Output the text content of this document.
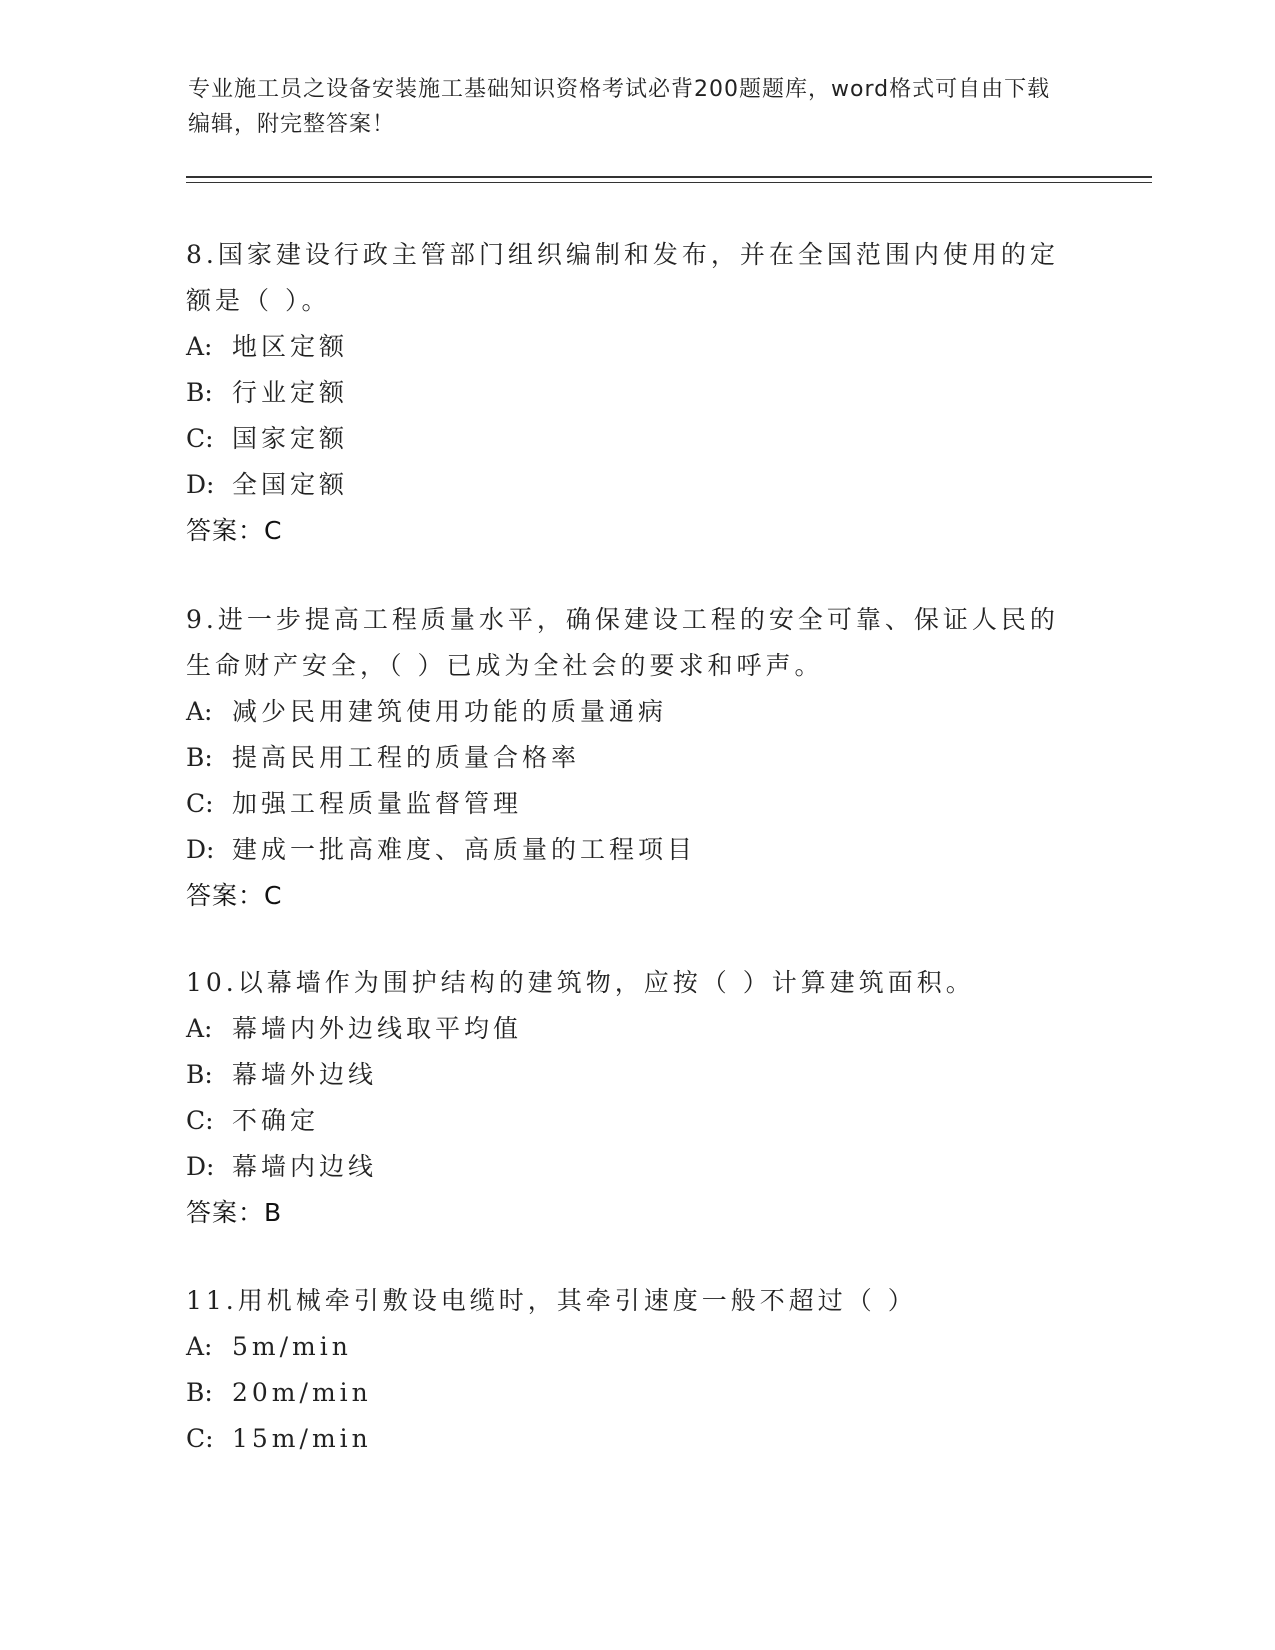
专业施工员之设备安装施工基础知识资格考试必背200题题库，word格式可自由下载编辑，附完整答案！

8.国家建设行政主管部门组织编制和发布，并在全国范围内使用的定额是（ ）。

A: 地区定额

B: 行业定额

C: 国家定额

D: 全国定额

答案：C

9.进一步提高工程质量水平，确保建设工程的安全可靠、保证人民的生命财产安全，（ ）已成为全社会的要求和呼声。

A: 减少民用建筑使用功能的质量通病

B: 提高民用工程的质量合格率

C: 加强工程质量监督管理

D: 建成一批高难度、高质量的工程项目

答案：C

10.以幕墙作为围护结构的建筑物，应按（ ）计算建筑面积。

A: 幕墙内外边线取平均值

B: 幕墙外边线

C: 不确定

D: 幕墙内边线

答案：B

11.用机械牵引敷设电缆时，其牵引速度一般不超过（ ）

A: 5m/min

B: 20m/min

C: 15m/min
